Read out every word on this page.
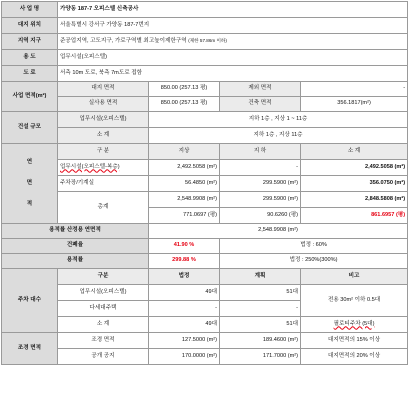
사 업 명	가양동 187-7 오피스텔 신축공사			
대지 위치	서울특별시 강서구 가양동 187-7번지			
지역 지구	준공업지역, 고도지구, 가로구역별 최고높이제한구역 (제한 57.86m 이하)			
용 도	업무시설(오피스텔)			
도 로	서측 10m 도로, 북측 7m도로 접함			
사업 면적(m²)	대지 면적	850.00 (257.13 평)	제외 면적	-
	실사용 면적	850.00 (257.13 평)	건축 면적	356.1817(m²)
건설 규모	업무시설(오피스텔)	지하 1층 , 지상 1 ~ 11층		
	소 계	지하 1층 , 지상 11층		
연

면

적	구 분	지상	지 하	소 계
	업무시설(오피스텔-복층)	2,492.5058 (m²)	-	2,492.5058 (m²)
	주차장/기계실	56.4850 (m²)	299.5900 (m²)	356.0750 (m²)
	총계	2,548.9908 (m²)	299.5900 (m²)	2,848.5808 (m²)
		771.0697 (평)	90.6260 (평)	861.6957 (평)
용적률 산정용 연면적		2,548.9908 (m²)		
건폐율		41.90 %	법정 : 60%	
용적률		299.88 %	법정 : 250%(300%)	
주차 대수	구분	법정	계획	비고
	업무시설(오피스텔)	49대	51대	전용 30m² 이하 0.5대
	다세대주택	-	-	
	소 계	49대	51대	필로티주차 (5대)
조경 면적	조경 면적	127.5000 (m²)	189.4600 (m²)	대지면적의 15% 이상
	공개 공지	170.0000 (m²)	171.7000 (m²)	대지면적의 20% 이상
